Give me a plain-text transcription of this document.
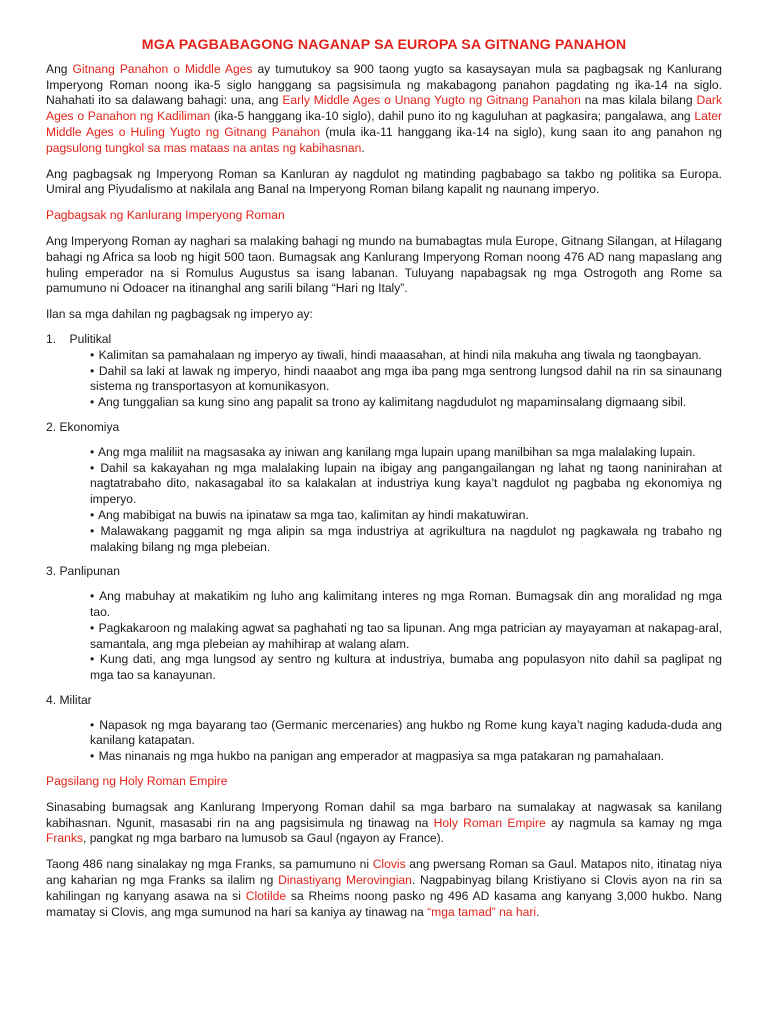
MGA PAGBABAGONG NAGANAP SA EUROPA SA GITNANG PANAHON

Ang Gitnang Panahon o Middle Ages ay tumutukoy sa 900 taong yugto sa kasaysayan mula sa pagbagsak ng Kanlurang Imperyong Roman noong ika-5 siglo hanggang sa pagsisimula ng makabagong panahon pagdating ng ika-14 na siglo. Nahahati ito sa dalawang bahagi: una, ang Early Middle Ages o Unang Yugto ng Gitnang Panahon na mas kilala bilang Dark Ages o Panahon ng Kadiliman (ika-5 hanggang ika-10 siglo), dahil puno ito ng kaguluhan at pagkasira; pangalawa, ang Later Middle Ages o Huling Yugto ng Gitnang Panahon (mula ika-11 hanggang ika-14 na siglo), kung saan ito ang panahon ng pagsulong tungkol sa mas mataas na antas ng kabihasnan.

Ang pagbagsak ng Imperyong Roman sa Kanluran ay nagdulot ng matinding pagbabago sa takbo ng politika sa Europa. Umiral ang Piyudalismo at nakilala ang Banal na Imperyong Roman bilang kapalit ng naunang imperyo.

Pagbagsak ng Kanlurang Imperyong Roman

Ang Imperyong Roman ay naghari sa malaking bahagi ng mundo na bumabagtas mula Europe, Gitnang Silangan, at Hilagang bahagi ng Africa sa loob ng higit 500 taon. Bumagsak ang Kanlurang Imperyong Roman noong 476 AD nang mapaslang ang huling emperador na si Romulus Augustus sa isang labanan. Tuluyang napabagsak ng mga Ostrogoth ang Rome sa pamumuno ni Odoacer na itinanghal ang sarili bilang “Hari ng Italy”.

Ilan sa mga dahilan ng pagbagsak ng imperyo ay:

1.    Pulitikal

• Kalimitan sa pamahalaan ng imperyo ay tiwali, hindi maaasahan, at hindi nila makuha ang tiwala ng taongbayan.

• Dahil sa laki at lawak ng imperyo, hindi naaabot ang mga iba pang mga sentrong lungsod dahil na rin sa sinaunang sistema ng transportasyon at komunikasyon.

• Ang tunggalian sa kung sino ang papalit sa trono ay kalimitang nagdudulot ng mapaminsalang digmaang sibil.

2. Ekonomiya

• Ang mga maliliit na magsasaka ay iniwan ang kanilang mga lupain upang manilbihan sa mga malalaking lupain.

• Dahil sa kakayahan ng mga malalaking lupain na ibigay ang pangangailangan ng lahat ng taong naninirahan at nagtatrabaho dito, nakasagabal ito sa kalakalan at industriya kung kaya’t nagdulot ng pagbaba ng ekonomiya ng imperyo.

• Ang mabibigat na buwis na ipinataw sa mga tao, kalimitan ay hindi makatuwiran.

• Malawakang paggamit ng mga alipin sa mga industriya at agrikultura na nagdulot ng pagkawala ng trabaho ng malaking bilang ng mga plebeian.

3. Panlipunan

• Ang mabuhay at makatikim ng luho ang kalimitang interes ng mga Roman. Bumagsak din ang moralidad ng mga tao.

• Pagkakaroon ng malaking agwat sa paghahati ng tao sa lipunan. Ang mga patrician ay mayayaman at nakapag-aral, samantala, ang mga plebeian ay mahihirap at walang alam.

• Kung dati, ang mga lungsod ay sentro ng kultura at industriya, bumaba ang populasyon nito dahil sa paglipat ng mga tao sa kanayunan.

4. Militar

• Napasok ng mga bayarang tao (Germanic mercenaries) ang hukbo ng Rome kung kaya’t naging kaduda-duda ang kanilang katapatan.

• Mas ninanais ng mga hukbo na panigan ang emperador at magpasiya sa mga patakaran ng pamahalaan.

Pagsilang ng Holy Roman Empire

Sinasabing bumagsak ang Kanlurang Imperyong Roman dahil sa mga barbaro na sumalakay at nagwasak sa kanilang kabihasnan. Ngunit, masasabi rin na ang pagsisimula ng tinawag na Holy Roman Empire ay nagmula sa kamay ng mga Franks, pangkat ng mga barbaro na lumusob sa Gaul (ngayon ay France).

Taong 486 nang sinalakay ng mga Franks, sa pamumuno ni Clovis ang pwersang Roman sa Gaul. Matapos nito, itinatag niya ang kaharian ng mga Franks sa ilalim ng Dinastiyang Merovingian. Nagpabinyag bilang Kristiyano si Clovis ayon na rin sa kahilingan ng kanyang asawa na si Clotilde sa Rheims noong pasko ng 496 AD kasama ang kanyang 3,000 hukbo. Nang mamatay si Clovis, ang mga sumunod na hari sa kaniya ay tinawag na “mga tamad” na hari.
